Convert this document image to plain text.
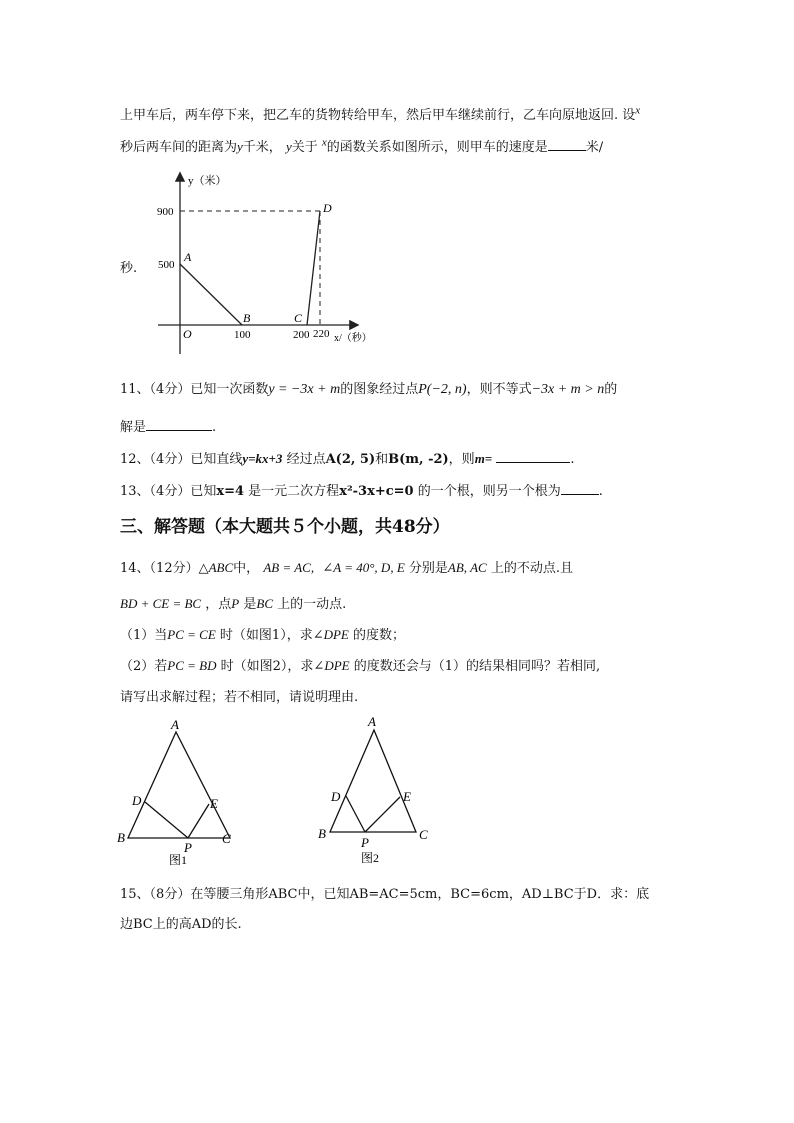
上甲车后，两车停下来，把乙车的货物转给甲车，然后甲车继续前行，乙车向原地返回. 设$^x$
秒后两车间的距离为y千米， y关于 $^x$的函数关系如图所示，则甲车的速度是	米/
秒.
y（米）
x/（秒）
O
900
500
100	200 220
A
B	C
D
11、（4分）已知一次函数y = −3x + m的图象经过点P(−2, n)，则不等式−3x + m > n的
解是	.
12、（4分）已知直线y=kx+3 经过点A(2, 5)和B(m, -2)，则m=	.
13、（4分）已知x=4 是一元二次方程x²-3x+c=0 的一个根，则另一个根为	.
三、解答题（本大题共５个小题，共48分）
14、（12分）△ABC中， AB = AC, ∠A = 40°, D, E 分别是AB, AC 上的不动点.且
BD + CE = BC ，点P 是BC 上的一动点.
（1）当PC = CE 时（如图1），求∠DPE 的度数；
（2）若PC = BD 时（如图2），求∠DPE 的度数还会与（1）的结果相同吗？若相同,
请写出求解过程；若不相同，请说明理由.
A
B	C
D	E
P
图1
A
B	C
D	E
P
图2
15、（8分）在等腰三角形ABC中，已知AB=AC=5cm，BC=6cm，AD⊥BC于D．求：底
边BC上的高AD的长.
